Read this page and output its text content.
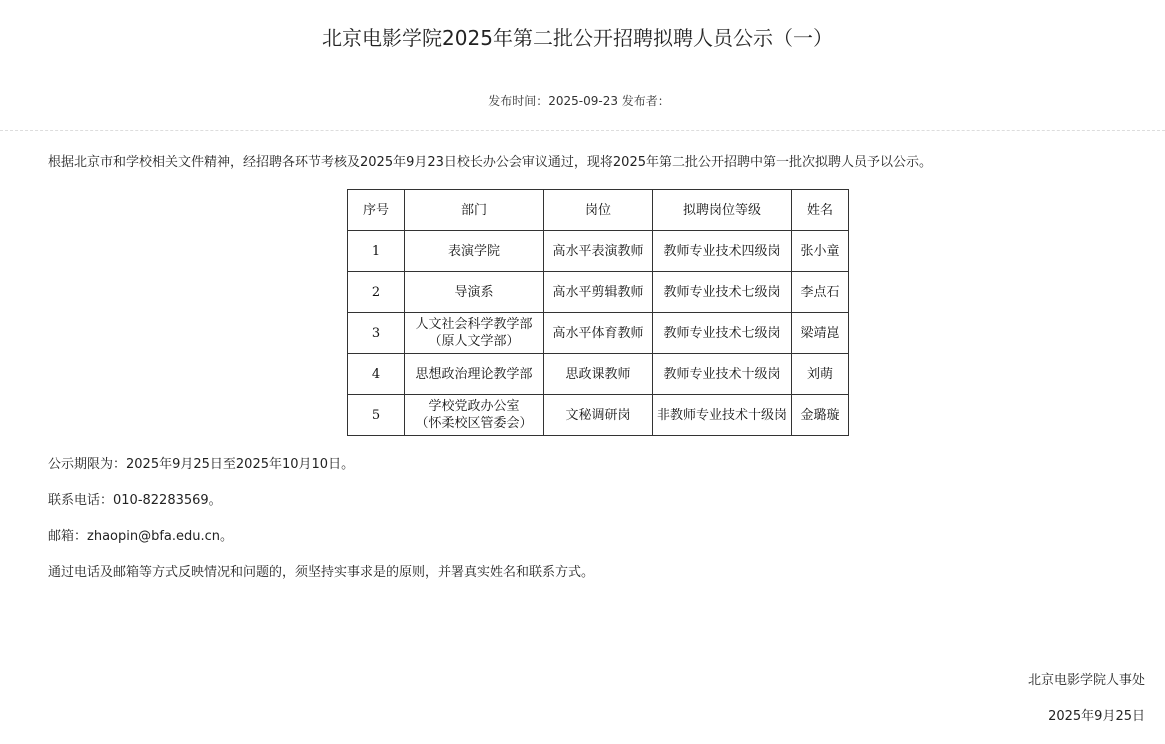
北京电影学院2025年第二批公开招聘拟聘人员公示（一）
发布时间：2025-09-23 发布者：
根据北京市和学校相关文件精神，经招聘各环节考核及2025年9月23日校长办公会审议通过，现将2025年第二批公开招聘中第一批次拟聘人员予以公示。
序号	部门	岗位	拟聘岗位等级	姓名
1	表演学院	高水平表演教师	教师专业技术四级岗	张小童
2	导演系	高水平剪辑教师	教师专业技术七级岗	李点石
3	人文社会科学教学部
（原人文学部）	高水平体育教师	教师专业技术七级岗	梁靖崑
4	思想政治理论教学部	思政课教师	教师专业技术十级岗	刘萌
5	学校党政办公室
（怀柔校区管委会）	文秘调研岗	非教师专业技术十级岗	金璐璇
公示期限为：2025年9月25日至2025年10月10日。
联系电话：010-82283569。
邮箱：zhaopin@bfa.edu.cn。
通过电话及邮箱等方式反映情况和问题的，须坚持实事求是的原则，并署真实姓名和联系方式。
北京电影学院人事处
2025年9月25日
